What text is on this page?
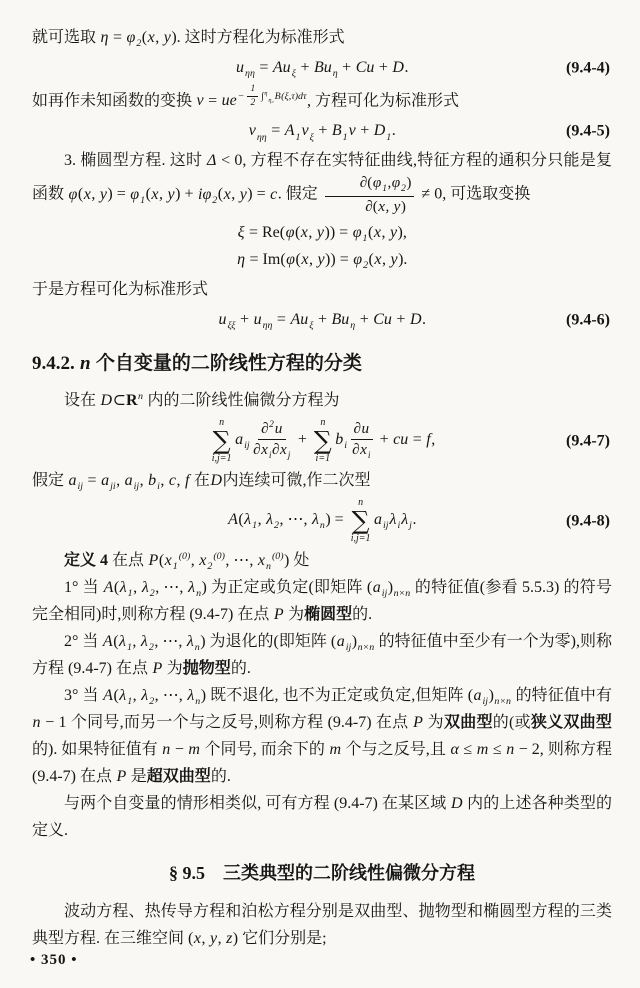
就可选取 $\eta = \varphi_2(x$, y). 这时方程化为标准形式
$u_{\eta\eta} = Au_\xi + Bu_\eta + Cu + D$.	(9.4-4)
如再作未知函数的变换 $v = ue^{- \frac{1}{2} \int^\eta_{\eta_0}B(\xi,\tau)d\tau}$, 方程可化为标准形式
$v_{\eta\eta} = A_1v_\xi + B_1v + D_1$.	(9.4-5)
3. 椭圆型方程. 这时 Δ < 0, 方程不存在实特征曲线,特征方程的通积分只能是复函数 φ(x, $y) = \varphi_1(x$, $y) + i\varphi_2(x$, y) = c. 假定 $\frac{\partial(\varphi_1,\varphi_2)}{\partial(x, y)} \ne 0$, 可选取变换
ξ = Re(φ(x, $y)) = \varphi_1(x$, y),
η = Im(φ(x, $y)) = \varphi_2(x$, y).
于是方程可化为标准形式
$u_{\xi\xi} + u_{\eta\eta} = Au_\xi + Bu_\eta + Cu + D$.	(9.4-6)
9.4.2. n 个自变量的二阶线性方程的分类
设在 $D\subset R^n$ 内的二阶线性偏微分方程为
n
∑
i,j=1
$a_{ij} \frac{\partial^2u}{\partial x_i\partial x_j}$ +
n
∑
i=1
$b_i \frac{\partial u}{\partial x_i}$ + cu = f,	(9.4-7)
假定 $a_{ij} = a_{ji}$, $a_{ij}$, $b_i$, c, f 在D内连续可微,作二次型
$A(\lambda_1$, $\lambda_2$, ⋯, $\lambda_n$) =
n
∑
i,j=1
$a_{ij}\lambda_i\lambda_j$.	(9.4-8)
定义 4 在点 $P(x_1^{(0)}$, $x_2^{(0)}$, ⋯, $x_n^{(0)}$) 处
1° 当 $A(\lambda_1$, $\lambda_2$, ⋯, $\lambda_n$) 为正定或负定(即矩阵 $(a_{ij})_{n\times n}$ 的特征值(参看 5.5.3) 的符号完全相同)时,则称方程 (9.4-7) 在点 P 为椭圆型的.
2° 当 $A(\lambda_1$, $\lambda_2$, ⋯, $\lambda_n$) 为退化的(即矩阵 $(a_{ij})_{n\times n}$ 的特征值中至少有一个为零),则称方程 (9.4-7) 在点 P 为抛物型的.
3° 当 $A(\lambda_1$, $\lambda_2$, ⋯, $\lambda_n$) 既不退化, 也不为正定或负定,但矩阵 $(a_{ij})_{n\times n}$ 的特征值中有 n − 1 个同号,而另一个与之反号,则称方程 (9.4-7) 在点 P 为双曲型的(或狭义双曲型的). 如果特征值有 n − m 个同号, 而余下的 m 个与之反号,且 α ≤ m ≤ n − 2, 则称方程 (9.4-7) 在点 P 是超双曲型的.
与两个自变量的情形相类似, 可有方程 (9.4-7) 在某区域 D 内的上述各种类型的定义.
§ 9.5　三类典型的二阶线性偏微分方程
波动方程、热传导方程和泊松方程分别是双曲型、抛物型和椭圆型方程的三类典型方程. 在三维空间 (x, y, z) 它们分别是;
• 350 •
